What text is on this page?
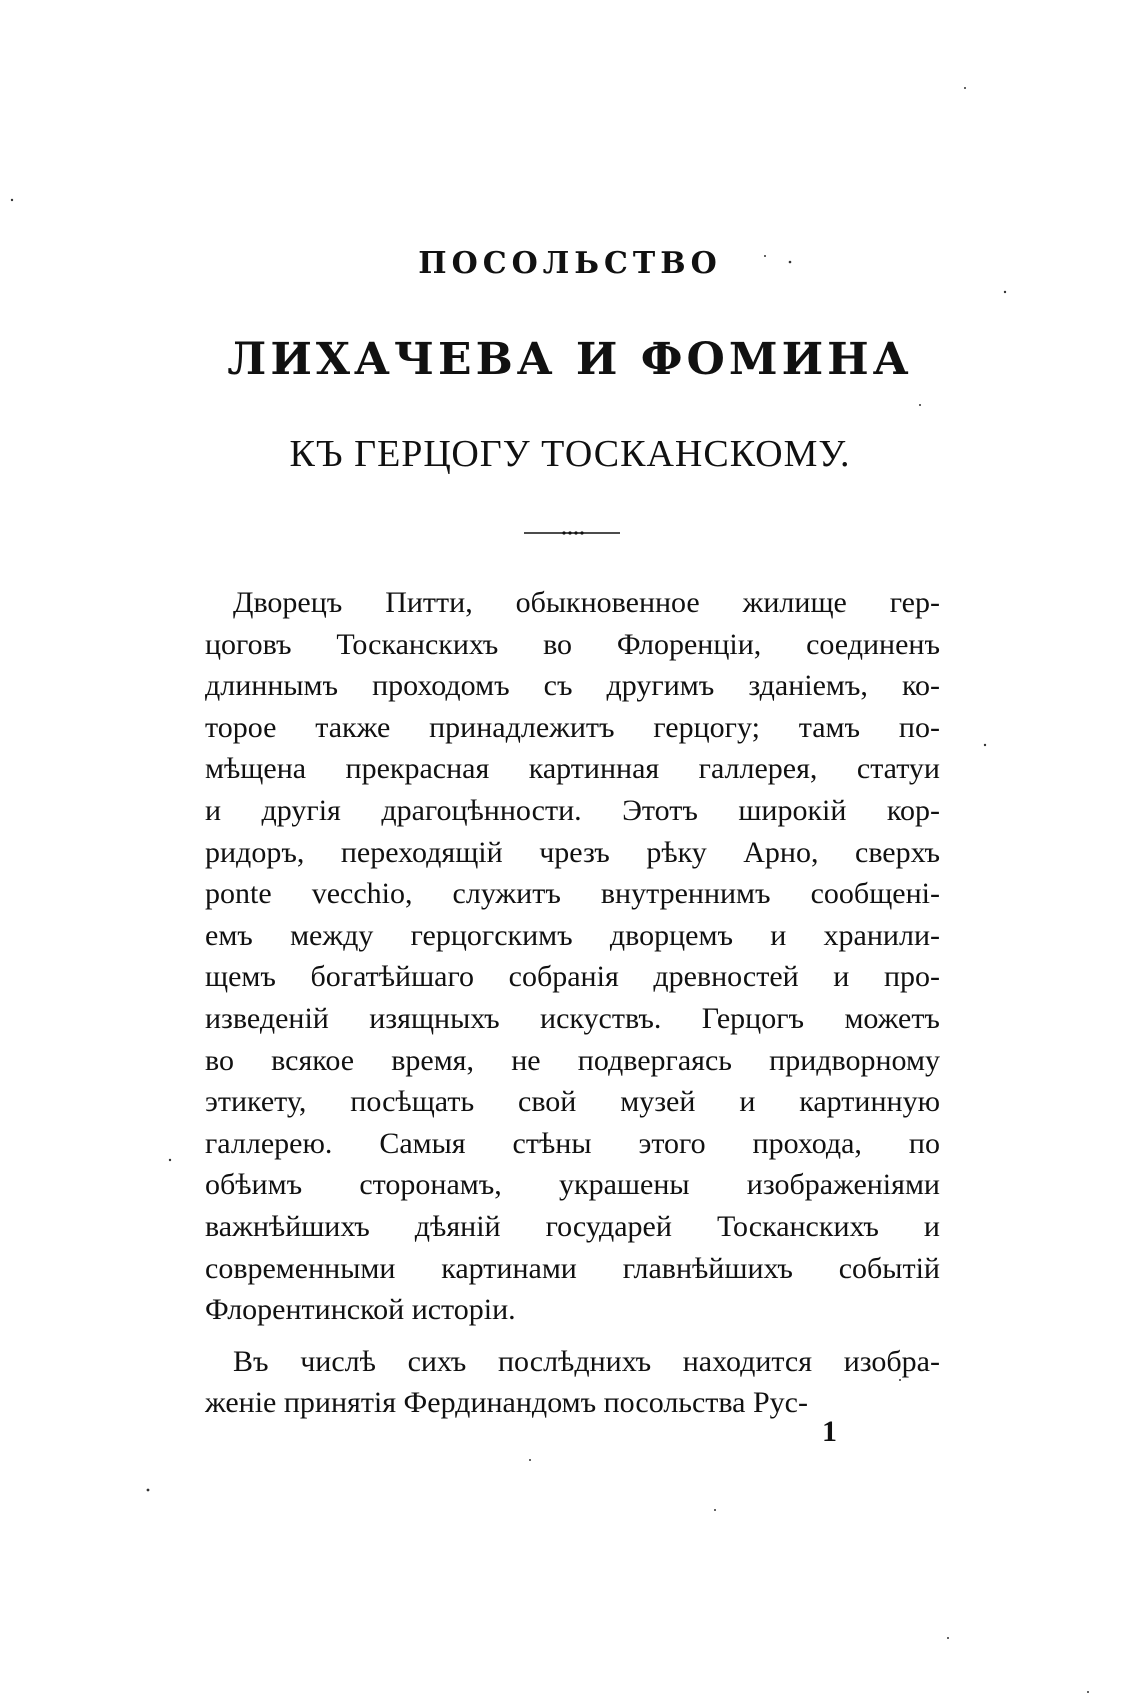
ПОСОЛЬСТВО
ЛИХАЧЕВА И ФОМИНА
КЪ ГЕРЦОГУ ТОСКАНСКОМУ.
Дворецъ Питти, обыкновенное жилище гер-
цоговъ Тосканскихъ во Флоренціи, соединенъ
длиннымъ проходомъ съ другимъ зданіемъ, ко-
торое также принадлежитъ герцогу; тамъ по-
мѣщена прекрасная картинная галлерея, статуи
и другія драгоцѣнности. Этотъ широкій кор-
ридоръ, переходящій чрезъ рѣку Арно, сверхъ
ponte vecchio, служитъ внутреннимъ сообщені-
емъ между герцогскимъ дворцемъ и хранили-
щемъ богатѣйшаго собранія древностей и про-
изведеній изящныхъ искуствъ. Герцогъ можетъ
во всякое время, не подвергаясь придворному
этикету, посѣщать свой музей и картинную
галлерею. Самыя стѣны этого прохода, по
обѣимъ сторонамъ, украшены изображеніями
важнѣйшихъ дѣяній государей Тосканскихъ и
современными картинами главнѣйшихъ событій
Флорентинской исторіи.
Въ числѣ сихъ послѣднихъ находится изобра-
женіе принятія Фердинандомъ посольства Рус-
1
